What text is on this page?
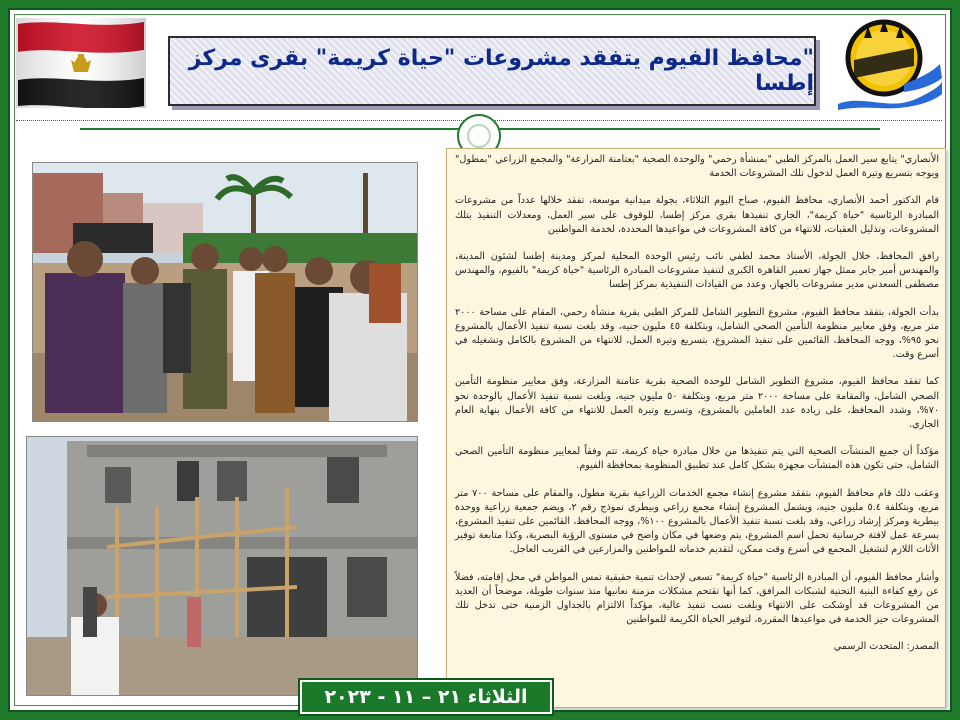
"محافظ الفيوم يتفقد مشروعات "حياة كريمة" بقرى مركز إطسا

الأنصاري" يتابع سير العمل بالمركز الطبي "بمنشأة رحمي" والوحدة الصحية "بعتامنة المزارعة" والمجمع الزراعي "بمطول" ويوجه بتسريع وتيرة العمل لدخول تلك المشروعات الخدمة

قام الدكتور أحمد الأنصاري، محافظ الفيوم، صباح اليوم الثلاثاء، بجولة ميدانية موسعة، تفقد خلالها عدداً من مشروعات المبادرة الرئاسية "حياة كريمة"، الجاري تنفيذها بقرى مركز إطسا، للوقوف على سير العمل، ومعدلات التنفيذ بتلك المشروعات، وتذليل العقبات، للانتهاء من كافة المشروعات في مواعيدها المحددة، لخدمة المواطنين

رافق المحافظ، خلال الجولة، الأستاذ محمد لطفي نائب رئيس الوحدة المحلية لمركز ومدينة إطسا لشئون المدينة، والمهندس أمير جابر ممثل جهاز تعمير القاهرة الكبرى لتنفيذ مشروعات المبادرة الرئاسية "حياة كريمة" بالفيوم، والمهندس مصطفى السعدني مدير مشروعات بالجهاز، وعدد من القيادات التنفيذية بمركز إطسا

بدأت الجولة، بتفقد محافظ الفيوم، مشروع التطوير الشامل للمركز الطبي بقرية منشأة رحمي، المقام على مساحة ٢٠٠٠ متر مربع، وفق معايير منظومة التأمين الصحي الشامل، وبتكلفة ٤٥ مليون جنيه، وقد بلغت نسبة تنفيذ الأعمال بالمشروع نحو ٩٥%، ووجه المحافظ، القائمين على تنفيذ المشروع، بتسريع وتيرة العمل، للانتهاء من المشروع بالكامل وتشغيله في أسرع وقت.

كما تفقد محافظ الفيوم، مشروع التطوير الشامل للوحدة الصحية بقرية عتامنة المزارعة، وفق معايير منظومة التأمين الصحي الشامل، والمقامة على مساحة ٢٠٠٠ متر مربع، وبتكلفة ٥٠ مليون جنيه، وبلغت نسبة تنفيذ الأعمال بالوحدة نحو ٧٠%، وشدد المحافظ، على زيادة عدد العاملين بالمشروع، وتسريع وتيرة العمل للانتهاء من كافة الأعمال بنهاية العام الجاري.

مؤكداً أن جميع المنشآت الصحية التي يتم تنفيذها من خلال مبادرة حياة كريمة، تتم وفقاً لمعايير منظومة التأمين الصحي الشامل، حتى تكون هذه المنشآت مجهزة بشكل كامل عند تطبيق المنظومة بمحافظة الفيوم.

وعقب ذلك قام محافظ الفيوم، بتفقد مشروع إنشاء مجمع الخدمات الزراعية بقرية مطول، والمقام على مساحة ٧٠٠ متر مربع، وبتكلفة ٥.٤ مليون جنيه، ويشمل المشروع إنشاء مجمع زراعي وبيطري نموذج رقم ٢، ويضم جمعية زراعية ووحدة بيطرية ومركز إرشاد زراعي، وقد بلغت نسبة تنفيذ الأعمال بالمشروع ١٠٠%، ووجه المحافظ، القائمين على تنفيذ المشروع، بسرعة عمل لافتة خرسانية تحمل اسم المشروع، يتم وضعها في مكان واضح في مستوى الرؤية البصرية، وكذا متابعة توفير الأثاث اللازم لتشغيل المجمع في أسرع وقت ممكن، لتقديم خدماته للمواطنين والمزارعين في القريب العاجل.

وأشار محافظ الفيوم، أن المبادرة الرئاسية "حياة كريمة" تسعى لإحداث تنمية حقيقية تمس المواطن في محل إقامته، فضلاً عن رفع كفاءة البنية التحتية لشبكات المرافق، كما أنها تقتحم مشكلات مزمنة نعانيها منذ سنوات طويلة، موضحاً أن العديد من المشروعات قد أوشكت على الانتهاء وبلغت نسب تنفيذ عالية، مؤكداً الالتزام بالجداول الزمنية حتى تدخل تلك المشروعات حيز الخدمة في مواعيدها المقررة، لتوفير الحياة الكريمة للمواطنين

المصدر: المتحدث الرسمي
الثلاثاء ٢١ – ١١ - ٢٠٢٣
